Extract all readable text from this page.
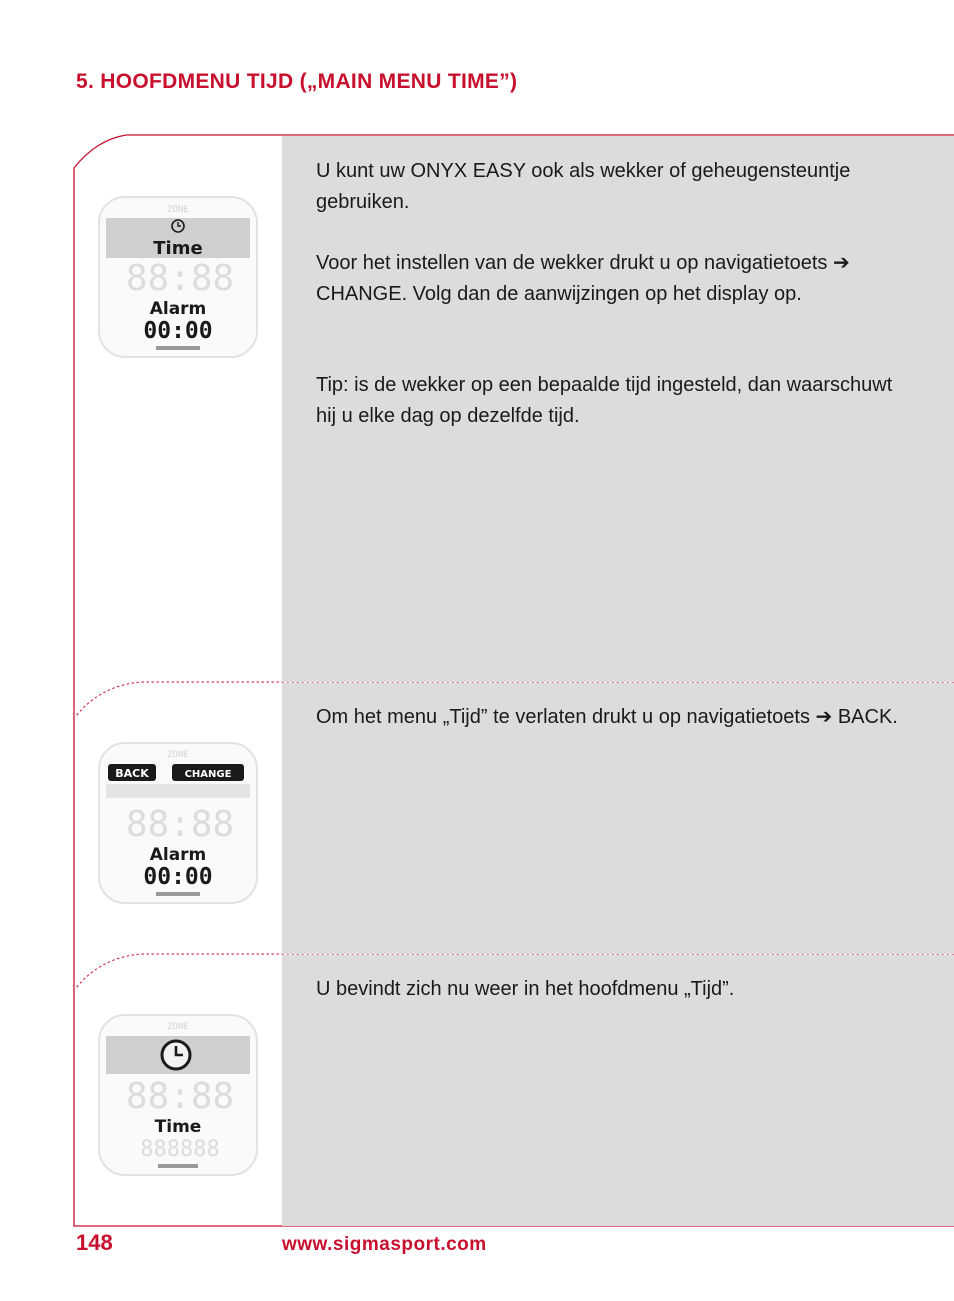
5. HOOFDMENU TIJD („MAIN MENU TIME”)

U kunt uw ONYX EASY ook als wekker of geheugensteuntje gebruiken.

Voor het instellen van de wekker drukt u op navigatietoets ➔ CHANGE. Volg dan de aanwijzingen op het display op.

Tip: is de wekker op een bepaalde tijd ingesteld, dan waarschuwt hij u elke dag op dezelfde tijd.

ZONE
Time
88:88
Alarm
00:00

Om het menu „Tijd” te verlaten drukt u op navigatietoets ➔ BACK.

ZONE
BACK	CHANGE
88:88
Alarm
00:00

U bevindt zich nu weer in het hoofdmenu „Tijd”.

ZONE
88:88
Time
888888
148	www.sigmasport.com
